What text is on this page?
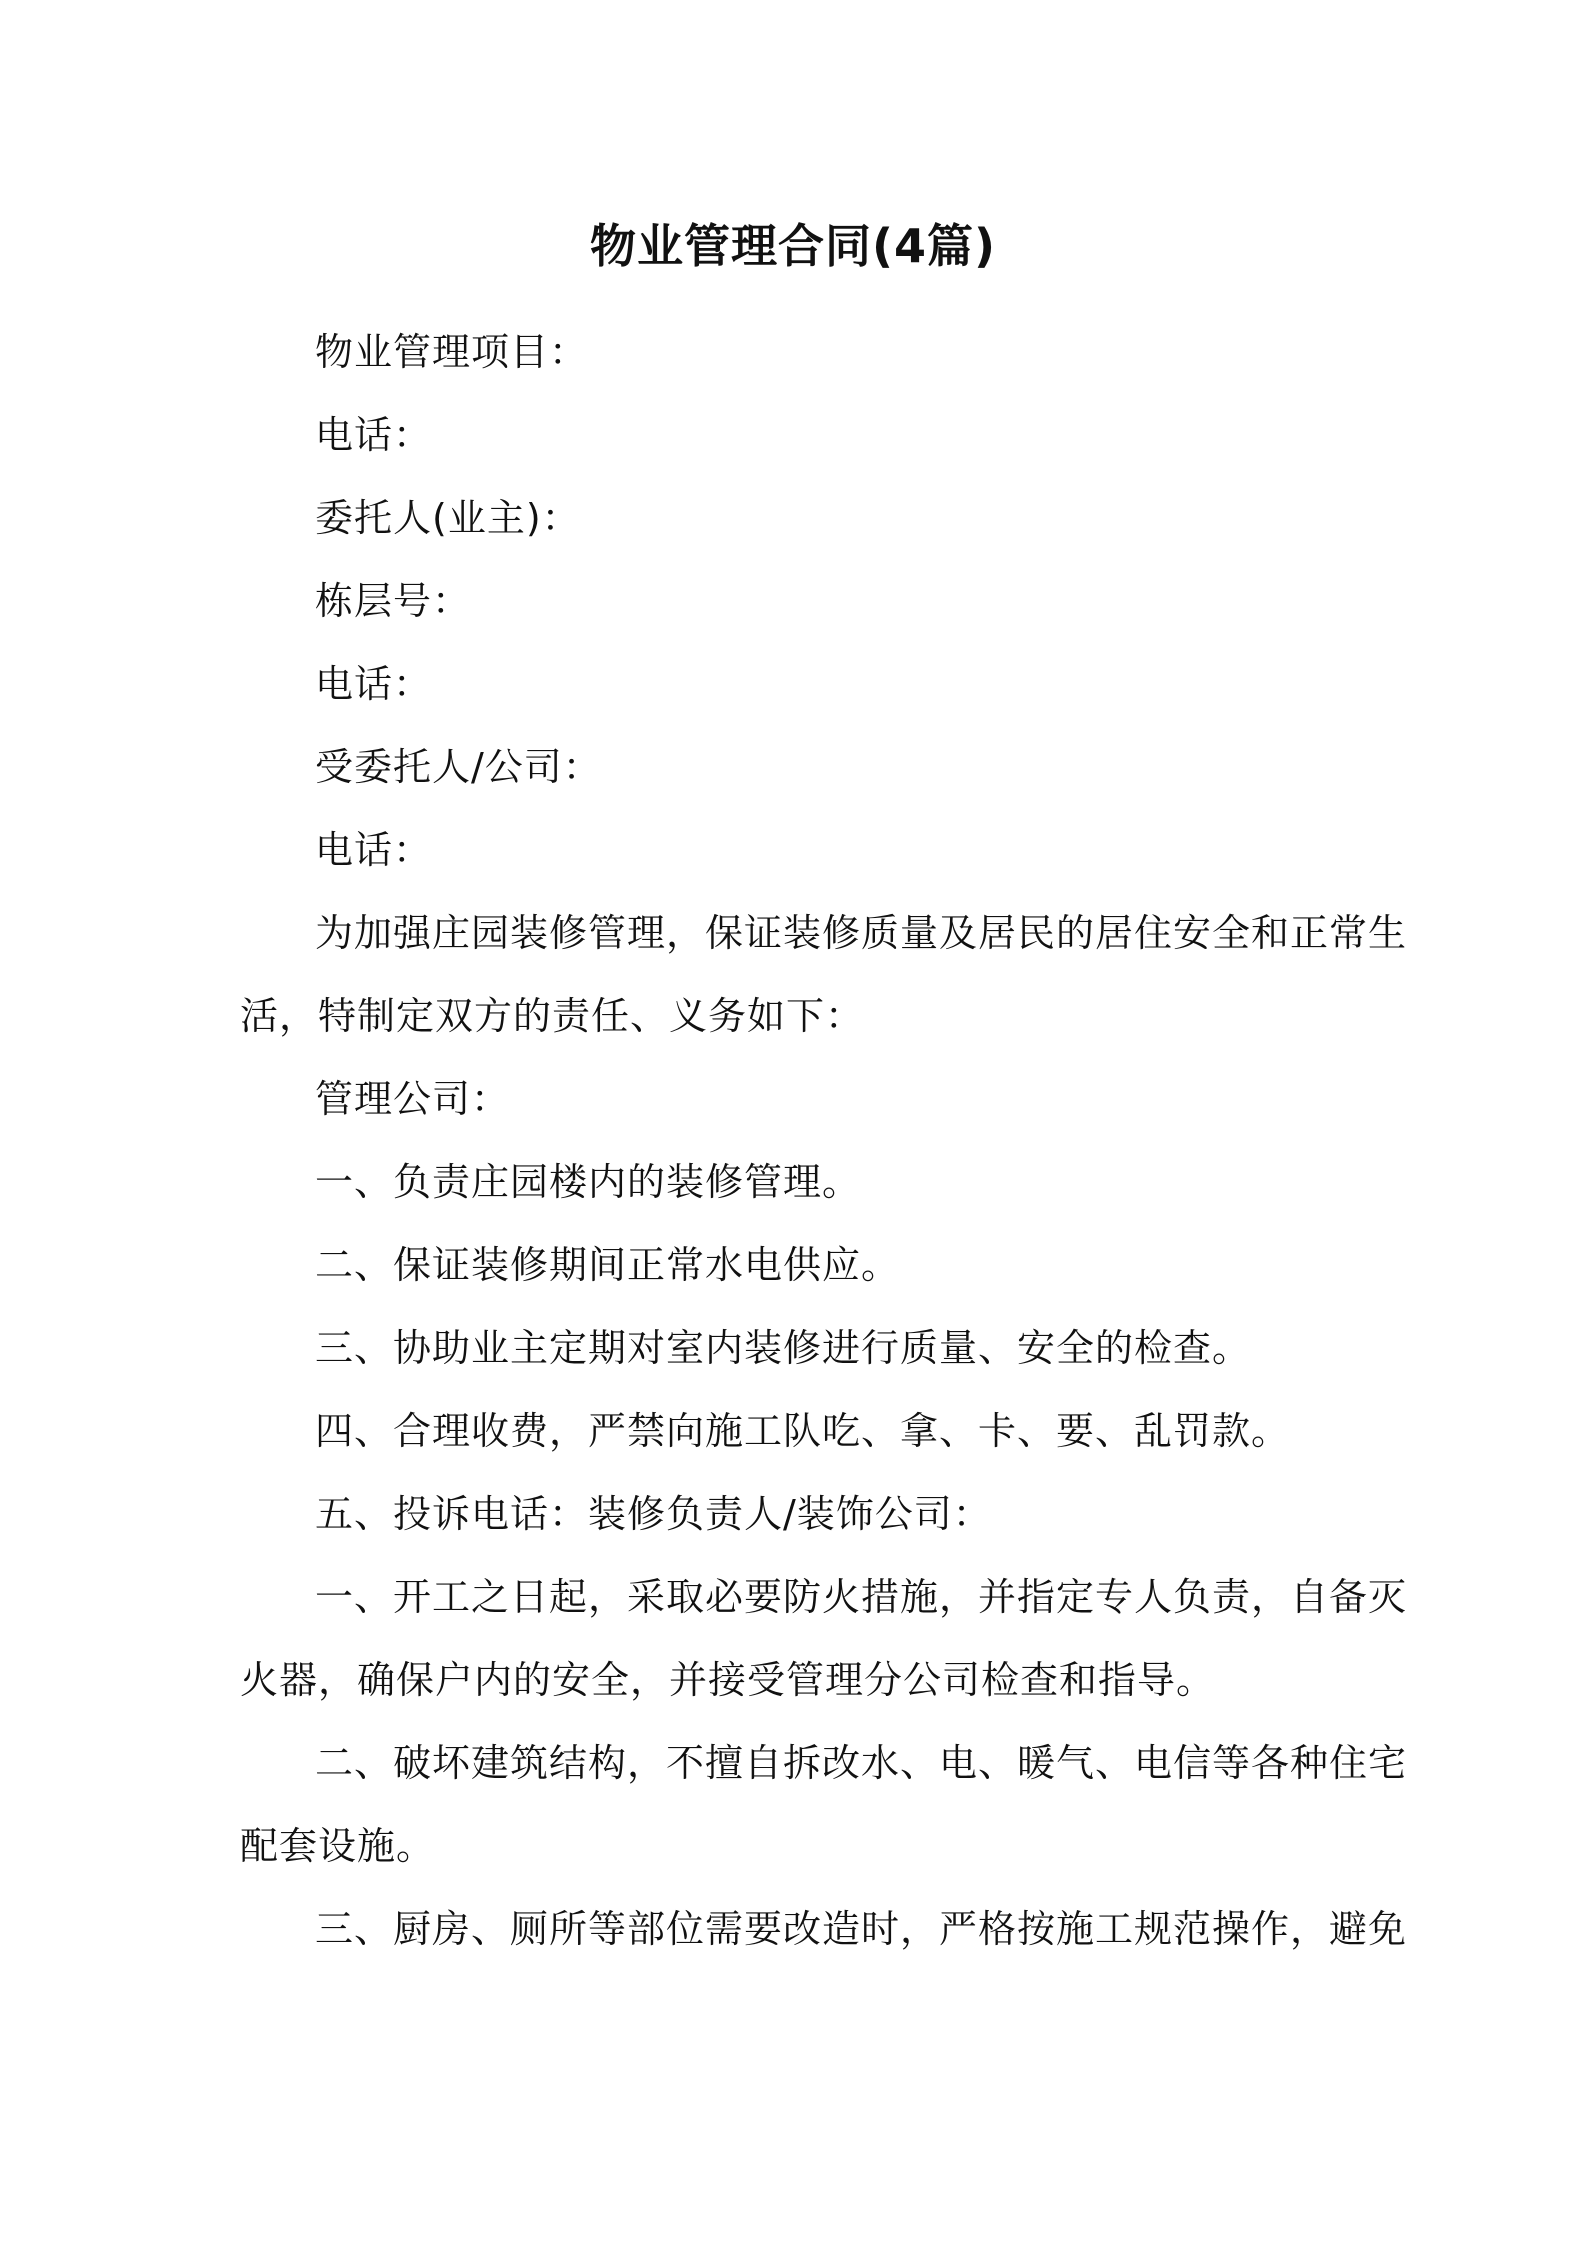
物业管理合同(4篇)
物业管理项目：
电话：
委托人(业主)：
栋层号：
电话：
受委托人/公司：
电话：
为加强庄园装修管理，保证装修质量及居民的居住安全和正常生
活，特制定双方的责任、义务如下：
管理公司：
一、负责庄园楼内的装修管理。
二、保证装修期间正常水电供应。
三、协助业主定期对室内装修进行质量、安全的检查。
四、合理收费，严禁向施工队吃、拿、卡、要、乱罚款。
五、投诉电话：装修负责人/装饰公司：
一、开工之日起，采取必要防火措施，并指定专人负责，自备灭
火器，确保户内的安全，并接受管理分公司检查和指导。
二、破坏建筑结构，不擅自拆改水、电、暖气、电信等各种住宅
配套设施。
三、厨房、厕所等部位需要改造时，严格按施工规范操作，避免
